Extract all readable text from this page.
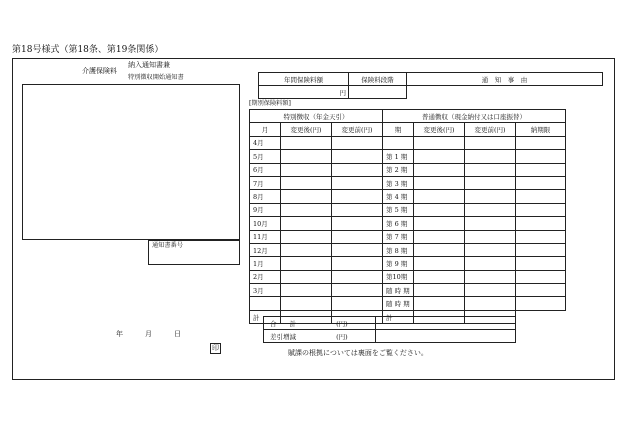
第18号様式（第18条、第19条関係）
介護保険料
納入通知書兼
特別徴収開始通知書
通知書番号
年間保険料額	保険料段階	通　知　事　由
円		
[期別保険料額]
特別徴収（年金天引）			普通徴収（現金納付又は口座振替）			
月	変更後(円)	変更前(円)	期	変更後(円)	変更前(円)	納期限
4月						
5月			第 1 期			
6月			第 2 期			
7月			第 3 期			
8月			第 4 期			
9月			第 5 期			
10月			第 6 期			
11月			第 7 期			
12月			第 8 期			
1月			第 9 期			
2月			第10期			
3月			随 時 期			
			随 時 期			
計			計			
合　　計 (円)	
差引増減 (円)	
年	月	日
印
賦課の根拠については裏面をご覧ください。
